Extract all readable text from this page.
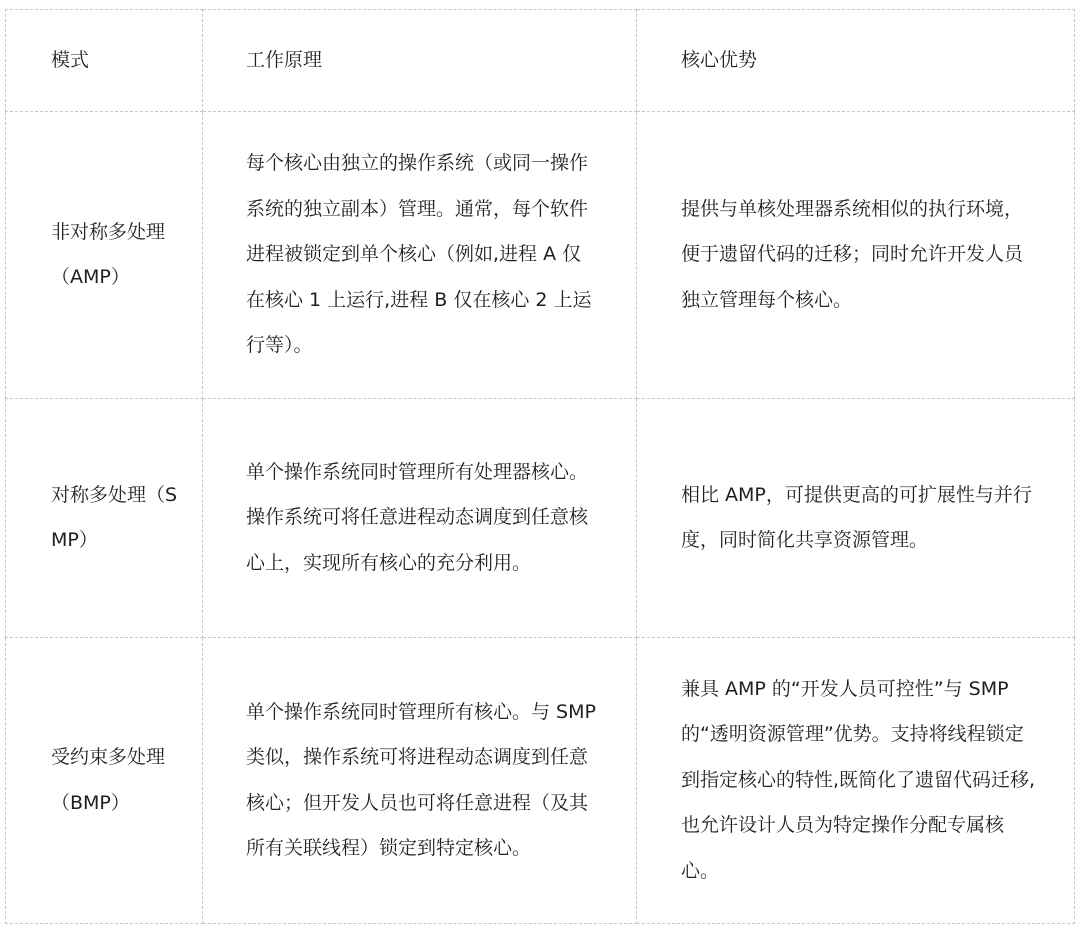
模式	工作原理	核心优势

非对称多处理（AMP）	每个核心由独立的操作系统（或同一操作系统的独立副本）管理。通常，每个软件进程被锁定到单个核心（例如,进程 A 仅在核心 1 上运行,进程 B 仅在核心 2 上运行等）。	提供与单核处理器系统相似的执行环境，便于遗留代码的迁移；同时允许开发人员独立管理每个核心。

对称多处理（SMP）	单个操作系统同时管理所有处理器核心。操作系统可将任意进程动态调度到任意核心上，实现所有核心的充分利用。	相比 AMP，可提供更高的可扩展性与并行度，同时简化共享资源管理。

受约束多处理（BMP）	单个操作系统同时管理所有核心。与 SMP 类似，操作系统可将进程动态调度到任意核心；但开发人员也可将任意进程（及其所有关联线程）锁定到特定核心。	兼具 AMP 的“开发人员可控性”与 SMP 的“透明资源管理”优势。支持将线程锁定到指定核心的特性,既简化了遗留代码迁移,也允许设计人员为特定操作分配专属核心。
